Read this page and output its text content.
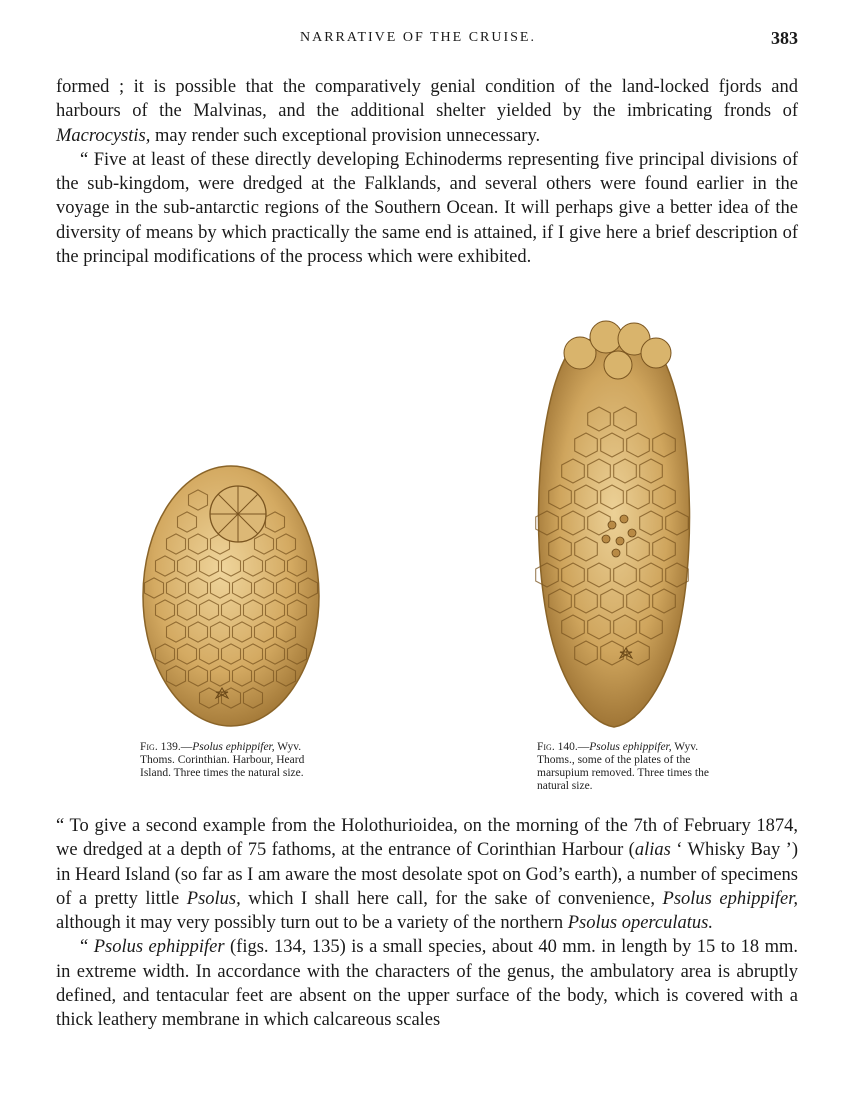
NARRATIVE OF THE CRUISE.	383

formed ; it is possible that the comparatively genial condition of the land-locked fjords and harbours of the Malvinas, and the additional shelter yielded by the imbricating fronds of Macrocystis, may render such exceptional provision unnecessary.

“ Five at least of these directly developing Echinoderms representing five principal divisions of the sub-kingdom, were dredged at the Falklands, and several others were found earlier in the voyage in the sub-antarctic regions of the Southern Ocean. It will perhaps give a better idea of the diversity of means by which practically the same end is attained, if I give here a brief description of the principal modifications of the process which were exhibited.

Fig. 139.—Psolus ephippifer, Wyv. Thoms. Corinthian. Harbour, Heard Island. Three times the natural size.
Fig. 140.—Psolus ephippifer, Wyv. Thoms., some of the plates of the marsupium removed. Three times the natural size.

“ To give a second example from the Holothurioidea, on the morning of the 7th of February 1874, we dredged at a depth of 75 fathoms, at the entrance of Corinthian Harbour (alias ‘ Whisky Bay ’) in Heard Island (so far as I am aware the most desolate spot on God’s earth), a number of specimens of a pretty little Psolus, which I shall here call, for the sake of convenience, Psolus ephippifer, although it may very possibly turn out to be a variety of the northern Psolus operculatus.

“ Psolus ephippifer (figs. 134, 135) is a small species, about 40 mm. in length by 15 to 18 mm. in extreme width. In accordance with the characters of the genus, the ambulatory area is abruptly defined, and tentacular feet are absent on the upper surface of the body, which is covered with a thick leathery membrane in which calcareous scales
